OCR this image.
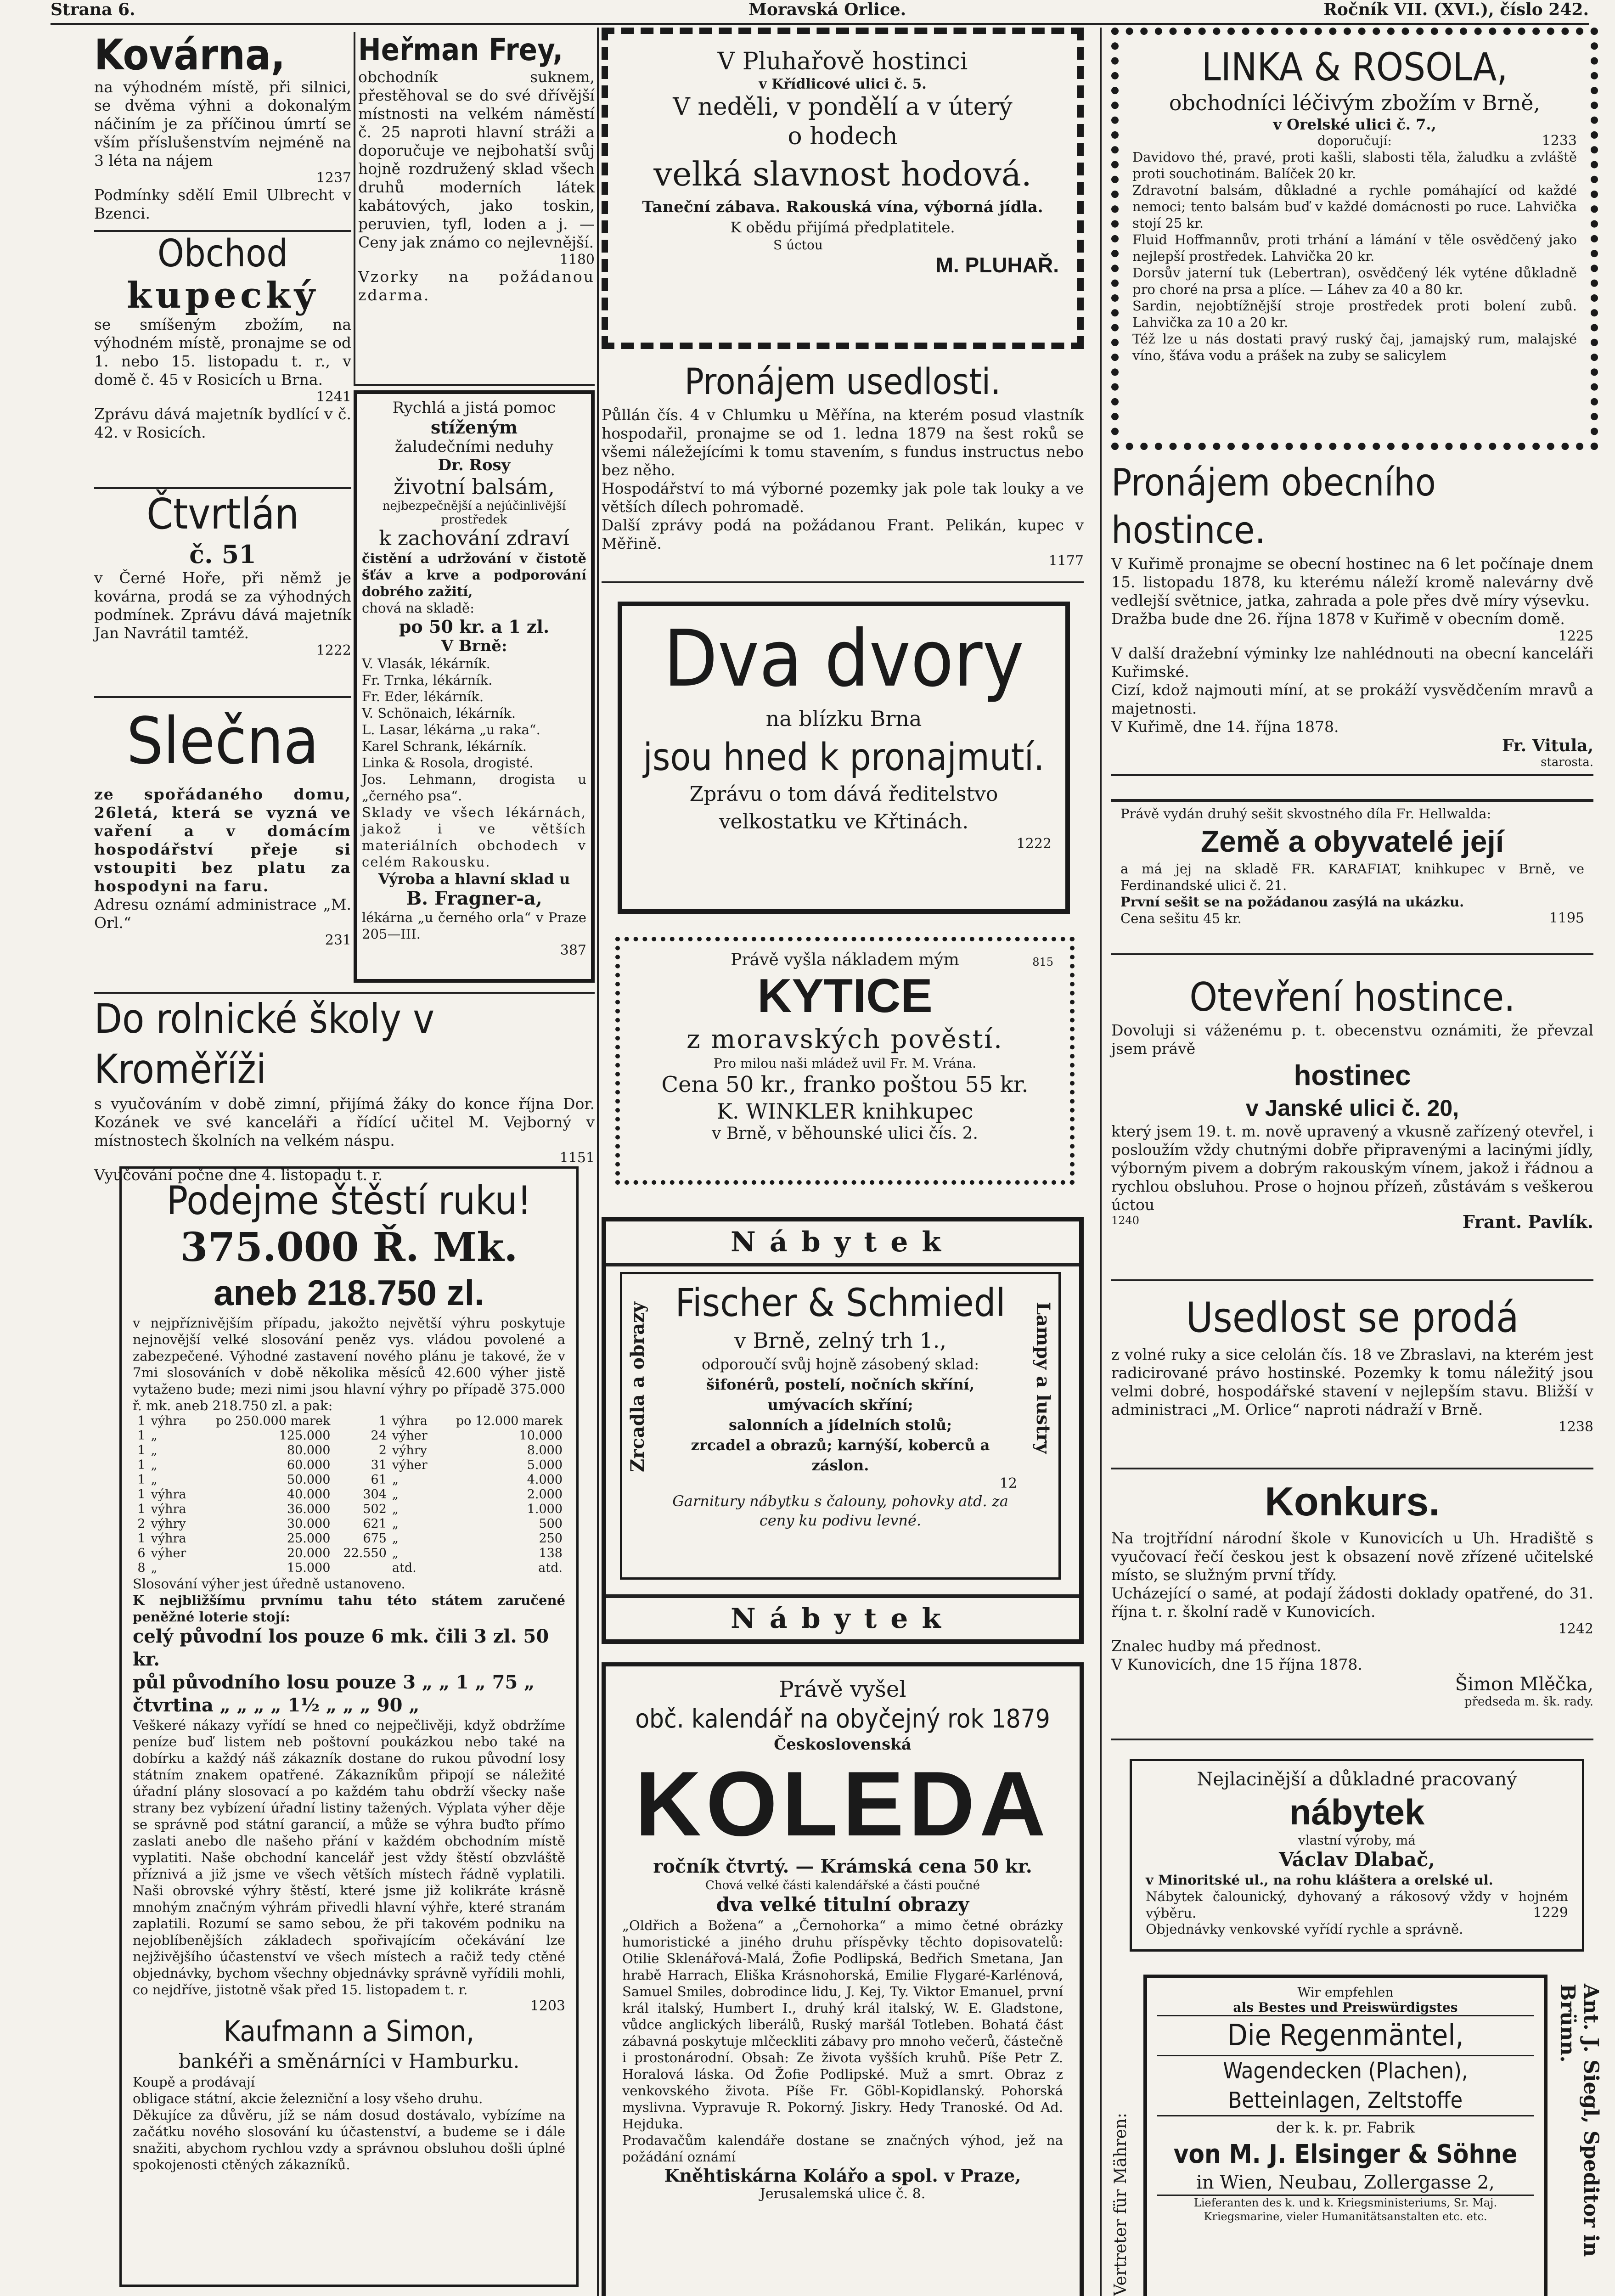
Strana 6.	Moravská Orlice.	Ročník VII. (XVI.), číslo 242.

Kovárna,

na výhodném místě, při silnici, se dvěma výhni a dokonalým náčiním je za příčinou úmrtí se vším příslušenstvím nejméně na 3 léta na nájem

1237

Podmínky sdělí Emil Ulbrecht v Bzenci.

Obchod

kupecký

se smíšeným zbožím, na výhodném místě, pronajme se od 1. nebo 15. listopadu t. r., v domě č. 45 v Rosicích u Brna.

1241

Zprávu dává majetník bydlící v č. 42. v Rosicích.

Čtvrtlán

č. 51

v Černé Hoře, při němž je kovárna, prodá se za výhodných podmínek. Zprávu dává majetník Jan Navrátil tamtéž.

1222

Slečna

ze spořádaného domu, 26letá, která se vyzná ve vaření a v domácím hospodářství přeje si vstoupiti bez platu za hospodyni na faru.

Adresu oznámí administrace „M. Orl.“

231

Heřman Frey,

obchodník suknem, přestěhoval se do své dřívější místnosti na velkém náměstí č. 25 naproti hlavní stráži a doporučuje ve nejbohatší svůj hojně rozdružený sklad všech druhů moderních látek kabátových, jako toskin, peruvien, tyfl, loden a j. — Ceny jak známo co nejlevnější.

1180

Vzorky na požádanou zdarma.

Rychlá a jistá pomoc

stíženým

žaludečními neduhy

Dr. Rosy

životní balsám,

nejbezpečnější a nejúčinlivější prostředek

k zachování zdraví

čistění a udržování v čistotě šťáv a krve a podporování dobrého zažití,

chová na skladě:

po 50 kr. a 1 zl.

V Brně:

V. Vlasák, lékárník.

Fr. Trnka, lékárník.

Fr. Eder, lékárník.

V. Schönaich, lékárník.

L. Lasar, lékárna „u raka“.

Karel Schrank, lékárník.

Linka & Rosola, drogisté.

Jos. Lehmann, drogista u „černého psa“.

Sklady ve všech lékárnách, jakož i ve větších materiálních obchodech v celém Rakousku.

Výroba a hlavní sklad u

B. Fragner-a,

lékárna „u černého orla“ v Praze 205—III.

387

Do rolnické školy v Kroměříži

s vyučováním v době zimní, přijímá žáky do konce října Dor. Kozánek ve své kanceláři a řídící učitel M. Vejborný v místnostech školních na velkém náspu.

1151

Vyučování počne dne 4. listopadu t. r.

Podejme štěstí ruku!

375.000 Ř. Mk.

aneb 218.750 zl.

v nejpříznivějším případu, jakožto největší výhru poskytuje nejnovější velké slosování peněz vys. vládou povolené a zabezpečené. Výhodné zastavení nového plánu je takové, že v 7mi slosováních v době několika měsíců 42.600 výher jistě vytaženo bude; mezi nimi jsou hlavní výhry po případě 375.000 ř. mk. aneb 218.750 zl. a pak:

1	výhra	po 250.000 marek	1	výhra	po 12.000 marek
1	„	125.000	24	výher	10.000
1	„	80.000	2	výhry	8.000
1	„	60.000	31	výher	5.000
1	„	50.000	61	„	4.000
1	výhra	40.000	304	„	2.000
1	výhra	36.000	502	„	1.000
2	výhry	30.000	621	„	500
1	výhra	25.000	675	„	250
6	výher	20.000	22.550	„	138
8	„	15.000		atd.	atd.

Slosování výher jest úředně ustanoveno.

K nejbližšímu prvnímu tahu této státem zaručené peněžné loterie stojí:

celý původní los pouze 6 mk. čili 3 zl. 50 kr.

půl původního losu pouze 3 „ „ 1 „ 75 „

čtvrtina „ „ „ „ 1½ „ „ „ 90 „

Veškeré nákazy vyřídí se hned co nejpečlivěji, když obdržíme peníze buď listem neb poštovní poukázkou nebo také na dobírku a každý náš zákazník dostane do rukou původní losy státním znakem opatřené. Zákazníkům připojí se náležité úřadní plány slosovací a po každém tahu obdrží všecky naše strany bez vybízení úřadní listiny tažených. Výplata výher děje se správně pod státní garancií, a může se výhra buďto přímo zaslati anebo dle našeho přání v každém obchodním místě vyplatiti. Naše obchodní kancelář jest vždy štěstí obzvláště příznivá a již jsme ve všech větších místech řádně vyplatili. Naši obrovské výhry štěstí, které jsme již kolikráte krásně mnohým značným výhrám přivedli hlavní výhře, které stranám zaplatili. Rozumí se samo sebou, že při takovém podniku na nejoblíbenějších základech spořivajícím očekávání lze nejživějšího účastenství ve všech místech a račiž tedy ctěné objednávky, bychom všechny objednávky správně vyřídili mohli, co nejdříve, jistotně však před 15. listopadem t. r.

1203

Kaufmann a Simon,

bankéři a směnárníci v Hamburku.

Koupě a prodávají

obligace státní, akcie železniční a losy všeho druhu.

Děkujíce za důvěru, jíž se nám dosud dostávalo, vybízíme na začátku nového slosování ku účastenství, a budeme se i dále snažiti, abychom rychlou vzdy a správnou obsluhou došli úplné spokojenosti ctěných zákazníků.

V Pluhařově hostinci

v Křídlicové ulici č. 5.

V neděli, v pondělí a v úterý

o hodech

velká slavnost hodová.

Taneční zábava. Rakouská vína, výborná jídla.

K obědu přijímá předplatitele.

S úctou

M. PLUHAŘ.

Pronájem usedlosti.

Půllán čís. 4 v Chlumku u Měřína, na kterém posud vlastník hospodařil, pronajme se od 1. ledna 1879 na šest roků se všemi náležejícími k tomu stavením, s fundus instructus nebo bez něho.

Hospodářství to má výborné pozemky jak pole tak louky a ve větších dílech pohromadě.

Další zprávy podá na požádanou Frant. Pelikán, kupec v Měřině.

1177

Dva dvory

na blízku Brna

jsou hned k pronajmutí.

Zprávu o tom dává ředitelstvo velkostatku ve Křtinách.

1222

Právě vyšla nákladem mým	815

KYTICE

z moravských pověstí.

Pro milou naši mládež uvil Fr. M. Vrána.

Cena 50 kr., franko poštou 55 kr.

K. WINKLER knihkupec

v Brně, v běhounské ulici čís. 2.

Nábytek

Fischer & Schmiedl

v Brně, zelný trh 1.,

odporoučí svůj hojně zásobený sklad:

šifonérů, postelí, nočních skříní, umývacích skříní;

salonních a jídelních stolů;

zrcadel a obrazů; karnýší, koberců a záslon.

12

Garnitury nábytku s čalouny, pohovky atd. za ceny ku podivu levné.

Zrcadla a obrazy	Lampy a lustry

Nábytek

Právě vyšel

obč. kalendář na obyčejný rok 1879

Československá

KOLEDA

ročník čtvrtý. — Krámská cena 50 kr.

Chová velké části kalendářské a části poučné

dva velké titulní obrazy

„Oldřich a Božena“ a „Černohorka“ a mimo četné obrázky humoristické a jiného druhu příspěvky těchto dopisovatelů: Otilie Sklenářová-Malá, Žofie Podlipská, Bedřich Smetana, Jan hrabě Harrach, Eliška Krásnohorská, Emilie Flygaré-Karlénová, Samuel Smiles, dobrodince lidu, J. Kej, Ty. Viktor Emanuel, první král italský, Humbert I., druhý král italský, W. E. Gladstone, vůdce anglických liberálů, Ruský maršál Totleben. Bohatá část zábavná poskytuje mlčeckliti zábavy pro mnoho večerů, částečně i prostonárodní. Obsah: Ze života vyšších kruhů. Píše Petr Z. Horalová láska. Od Žofie Podlipské. Muž a smrt. Obraz z venkovského života. Píše Fr. Göbl-Kopidlanský. Pohorská myslivna. Vypravuje R. Pokorný. Jiskry. Hedy Tranoské. Od Ad. Hejduka.

Prodavačům kalendáře dostane se značných výhod, jež na požádání oznámí

Kněhtiskárna Kolářo a spol. v Praze,

Jerusalemská ulice č. 8.

LINKA & ROSOLA,

obchodníci léčivým zbožím v Brně,

v Orelské ulici č. 7.,

doporučují:	1233

Davidovo thé, pravé, proti kašli, slabosti těla, žaludku a zvláště proti souchotinám. Balíček 20 kr.

Zdravotní balsám, důkladné a rychle pomáhající od každé nemoci; tento balsám buď v každé domácnosti po ruce. Lahvička stojí 25 kr.

Fluid Hoffmannův, proti trhání a lámání v těle osvědčený jako nejlepší prostředek. Lahvička 20 kr.

Dorsův jaterní tuk (Lebertran), osvědčený lék vyténe důkladně pro choré na prsa a plíce. — Láhev za 40 a 80 kr.

Sardin, nejobtížnější stroje prostředek proti bolení zubů. Lahvička za 10 a 20 kr.

Též lze u nás dostati pravý ruský čaj, jamajský rum, malajské víno, šťáva vodu a prášek na zuby se salicylem

Pronájem obecního hostince.

V Kuřimě pronajme se obecní hostinec na 6 let počínaje dnem 15. listopadu 1878, ku kterému náleží kromě nalevárny dvě vedlejší světnice, jatka, zahrada a pole přes dvě míry výsevku.

Dražba bude dne 26. října 1878 v Kuřimě v obecním domě.

1225

V další dražební výminky lze nahlédnouti na obecní kanceláři Kuřimské.

Cizí, kdož najmouti míní, at se prokáží vysvědčením mravů a majetnosti.

V Kuřimě, dne 14. října 1878.

Fr. Vitula,

starosta.

Právě vydán druhý sešit skvostného díla Fr. Hellwalda:

Země a obyvatelé její

a má jej na skladě FR. KARAFIAT, knihkupec v Brně, ve Ferdinandské ulici č. 21.

První sešit se na požádanou zasýlá na ukázku.

Cena sešitu 45 kr.	1195

Otevření hostince.

Dovoluji si váženému p. t. obecenstvu oznámiti, že převzal jsem právě

hostinec

v Janské ulici č. 20,

který jsem 19. t. m. nově upravený a vkusně zařízený otevřel, i posloužím vždy chutnými dobře připravenými a lacinými jídly, výborným pivem a dobrým rakouským vínem, jakož i řádnou a rychlou obsluhou. Prose o hojnou přízeň, zůstávám s veškerou úctou

1240	Frant. Pavlík.

Usedlost se prodá

z volné ruky a sice celolán čís. 18 ve Zbraslavi, na kterém jest radicirované právo hostinské. Pozemky k tomu náležitý jsou velmi dobré, hospodářské stavení v nejlepším stavu. Bližší v administraci „M. Orlice“ naproti nádraží v Brně.

1238

Konkurs.

Na trojtřídní národní škole v Kunovicích u Uh. Hradiště s vyučovací řečí českou jest k obsazení nově zřízené učitelské místo, se služným první třídy.

Ucházející o samé, at podají žádosti doklady opatřené, do 31. října t. r. školní radě v Kunovicích.

1242

Znalec hudby má přednost.

V Kunovicích, dne 15 října 1878.

Šimon Mlěčka,

předseda m. šk. rady.

Nejlacinější a důkladné pracovaný

nábytek

vlastní výroby, má

Václav Dlabač,

v Minoritské ul., na rohu kláštera a orelské ul.

Nábytek čalounický, dyhovaný a rákosový vždy v hojném výběru.	1229

Objednávky venkovské vyřídí rychle a správně.

Vertreter für Mähren:	Ant. J. Siegl, Speditor in Brünn.

Wir empfehlen

als Bestes und Preiswürdigstes

Die Regenmäntel,

Wagendecken (Plachen), Betteinlagen, Zeltstoffe

der k. k. pr. Fabrik

von M. J. Elsinger & Söhne

in Wien, Neubau, Zollergasse 2,

Lieferanten des k. und k. Kriegsministeriums, Sr. Maj. Kriegsmarine, vieler Humanitätsanstalten etc. etc.
